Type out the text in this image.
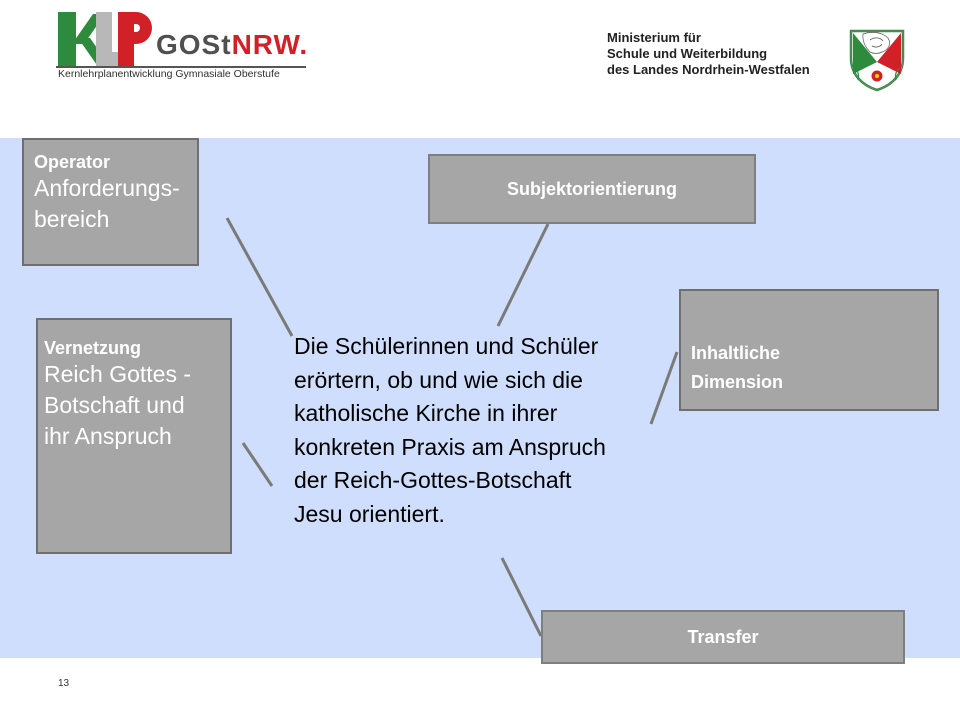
GOStNRW.
Kernlehrplanentwicklung Gymnasiale Oberstufe
Ministerium für
Schule und Weiterbildung
des Landes Nordrhein-Westfalen
Operator
Anforderungs-
bereich
Subjektorientierung
Vernetzung
Reich Gottes -
Botschaft und
ihr Anspruch
Inhaltliche
Dimension
Transfer
Die Schülerinnen und Schüler
erörtern, ob und wie sich die
katholische Kirche in ihrer
konkreten Praxis am Anspruch
der Reich-Gottes-Botschaft
Jesu orientiert.
13
